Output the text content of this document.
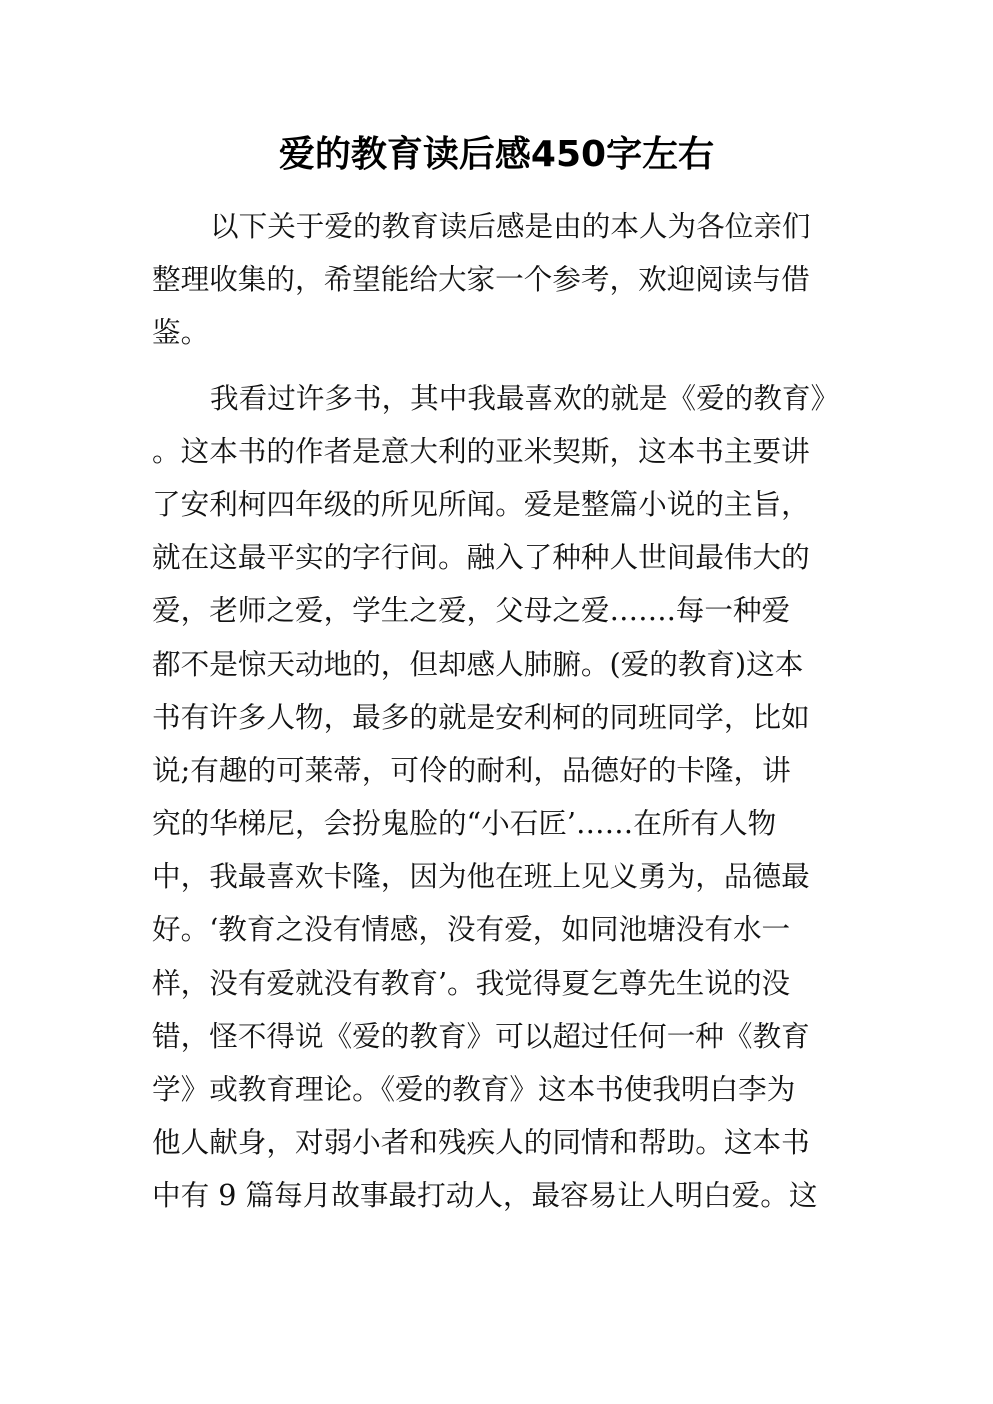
爱的教育读后感450字左右
以下关于爱的教育读后感是由的本人为各位亲们
整理收集的，希望能给大家一个参考，欢迎阅读与借
鉴。
我看过许多书，其中我最喜欢的就是《爱的教育》
。这本书的作者是意大利的亚米契斯，这本书主要讲
了安利柯四年级的所见所闻。爱是整篇小说的主旨，
就在这最平实的字行间。融入了种种人世间最伟大的
爱，老师之爱，学生之爱，父母之爱…….每一种爱
都不是惊天动地的，但却感人肺腑。(爱的教育)这本
书有许多人物，最多的就是安利柯的同班同学，比如
说;有趣的可莱蒂，可伶的耐利，品德好的卡隆，讲
究的华梯尼，会扮鬼脸的“小石匠’……在所有人物
中，我最喜欢卡隆，因为他在班上见义勇为，品德最
好。‘教育之没有情感，没有爱，如同池塘没有水一
样，没有爱就没有教育’。我觉得夏乞尊先生说的没
错，怪不得说《爱的教育》可以超过任何一种《教育
学》或教育理论。《爱的教育》这本书使我明白李为
他人献身，对弱小者和残疾人的同情和帮助。这本书
中有 9 篇每月故事最打动人，最容易让人明白爱。这
